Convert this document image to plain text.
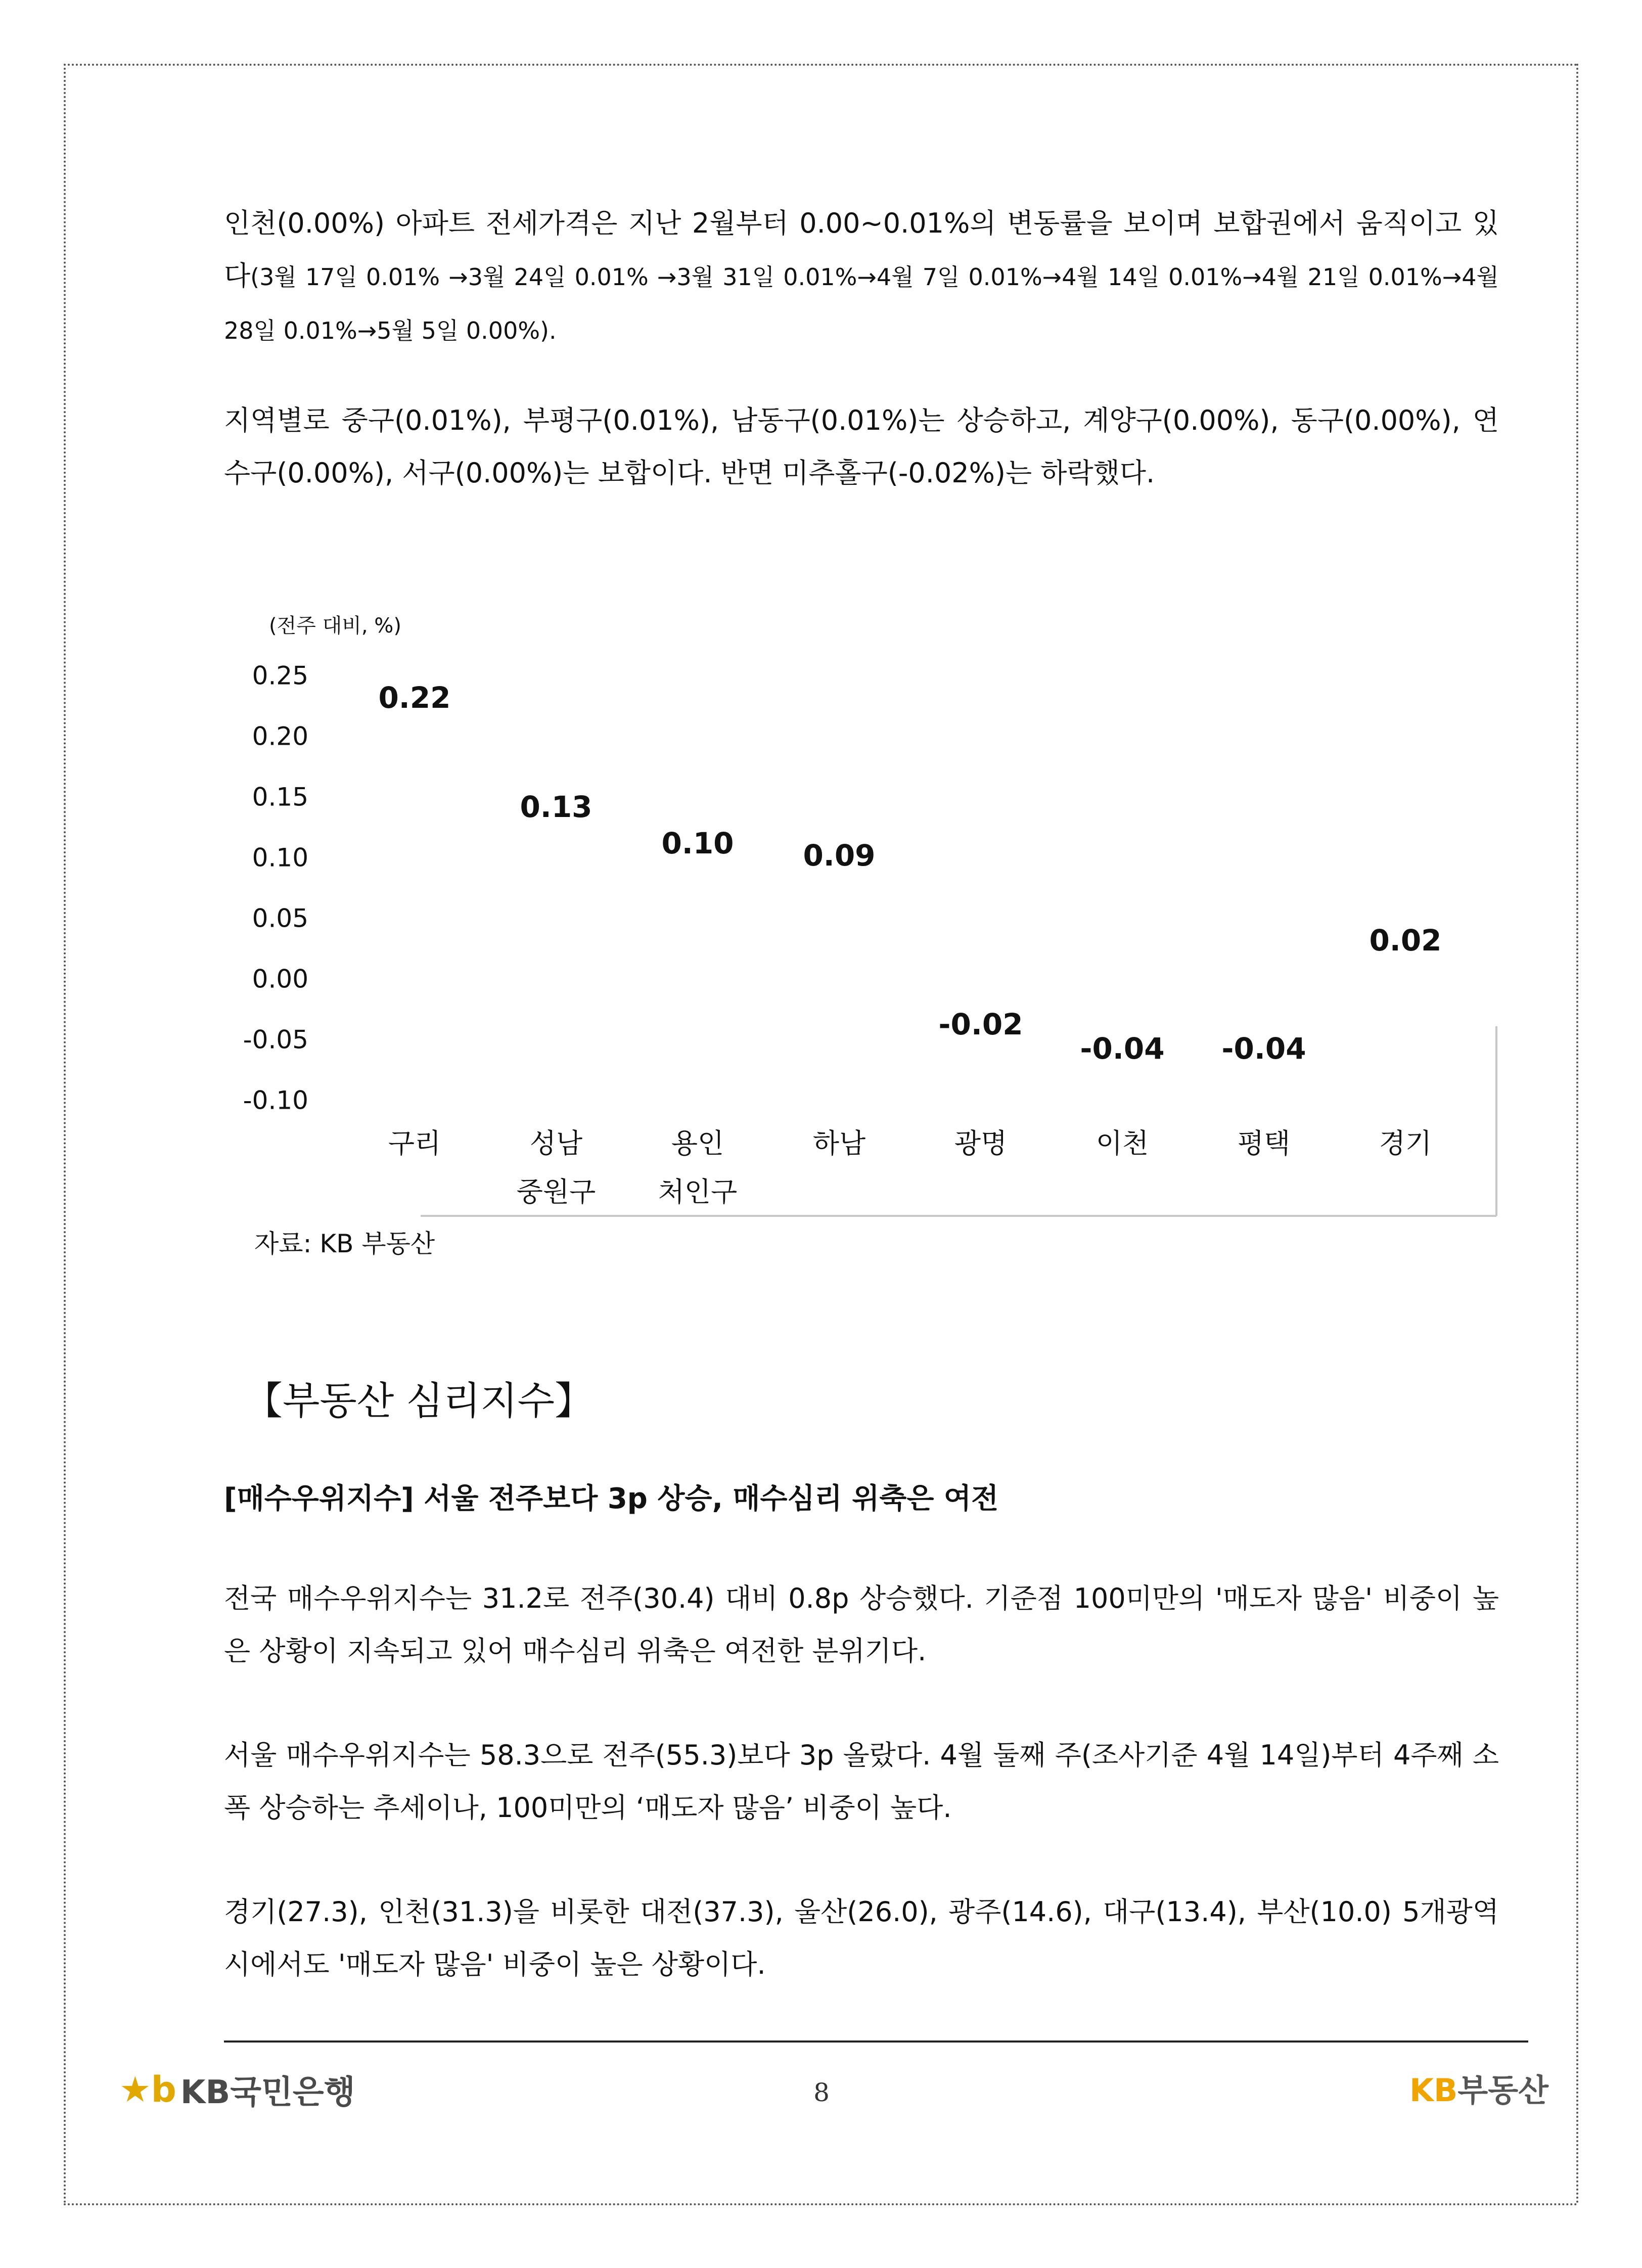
인천(0.00%) 아파트 전세가격은 지난 2월부터 0.00~0.01%의 변동률을 보이며 보합권에서 움직이고 있다(3월 17일 0.01% →3월 24일 0.01% →3월 31일 0.01%→4월 7일 0.01%→4월 14일 0.01%→4월 21일 0.01%→4월 28일 0.01%→5월 5일 0.00%).

지역별로 중구(0.01%), 부평구(0.01%), 남동구(0.01%)는 상승하고, 계양구(0.00%), 동구(0.00%), 연수구(0.00%), 서구(0.00%)는 보합이다. 반면 미추홀구(-0.02%)는 하락했다.

(전주 대비, %)
0.25
0.20
0.15
0.10
0.05
0.00
-0.05
-0.10
0.22
구리
0.13
성남
중원구
0.10
용인
처인구
0.09
하남
-0.02
광명
-0.04
이천
-0.04
평택
0.02
경기
자료: KB 부동산
【부동산 심리지수】
[매수우위지수] 서울 전주보다 3p 상승, 매수심리 위축은 여전

전국 매수우위지수는 31.2로 전주(30.4) 대비 0.8p 상승했다. 기준점 100미만의 '매도자 많음' 비중이 높은 상황이 지속되고 있어 매수심리 위축은 여전한 분위기다.

서울 매수우위지수는 58.3으로 전주(55.3)보다 3p 올랐다. 4월 둘째 주(조사기준 4월 14일)부터 4주째 소폭 상승하는 추세이나, 100미만의 ‘매도자 많음’ 비중이 높다.

경기(27.3), 인천(31.3)을 비롯한 대전(37.3), 울산(26.0), 광주(14.6), 대구(13.4), 부산(10.0) 5개광역시에서도 '매도자 많음' 비중이 높은 상황이다.

★b KB국민은행	8	KB부동산
